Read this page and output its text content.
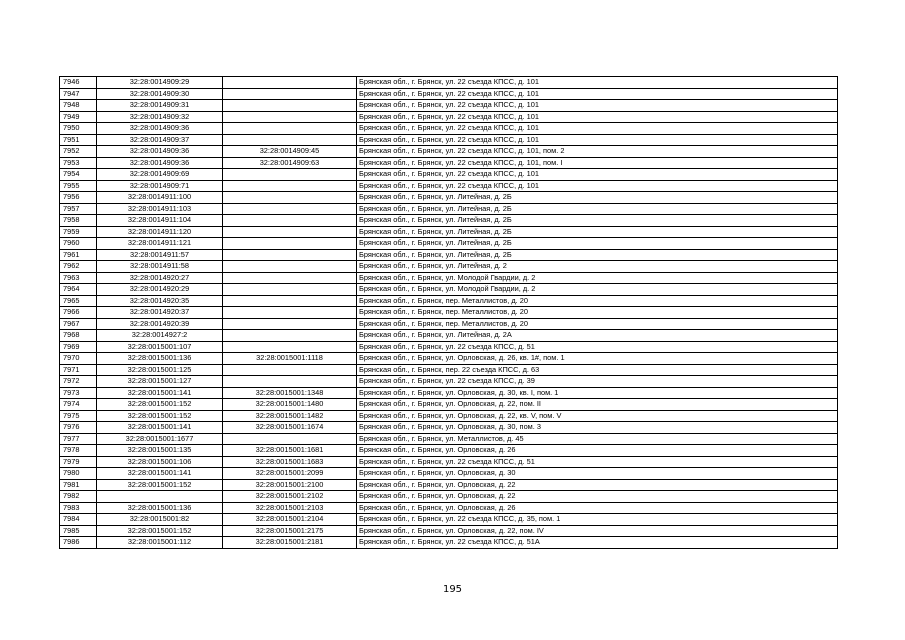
7946	32:28:0014909:29		Брянская обл., г. Брянск, ул. 22 съезда КПСС, д. 101
7947	32:28:0014909:30		Брянская обл., г. Брянск, ул. 22 съезда КПСС, д. 101
7948	32:28:0014909:31		Брянская обл., г. Брянск, ул. 22 съезда КПСС, д. 101
7949	32:28:0014909:32		Брянская обл., г. Брянск, ул. 22 съезда КПСС, д. 101
7950	32:28:0014909:36		Брянская обл., г. Брянск, ул. 22 съезда КПСС, д. 101
7951	32:28:0014909:37		Брянская обл., г. Брянск, ул. 22 съезда КПСС, д. 101
7952	32:28:0014909:36	32:28:0014909:45	Брянская обл., г. Брянск, ул. 22 съезда КПСС, д. 101, пом. 2
7953	32:28:0014909:36	32:28:0014909:63	Брянская обл., г. Брянск, ул. 22 съезда КПСС, д. 101, пом. I
7954	32:28:0014909:69		Брянская обл., г. Брянск, ул. 22 съезда КПСС, д. 101
7955	32:28:0014909:71		Брянская обл., г. Брянск, ул. 22 съезда КПСС, д. 101
7956	32:28:0014911:100		Брянская обл., г. Брянск, ул. Литейная, д. 2Б
7957	32:28:0014911:103		Брянская обл., г. Брянск, ул. Литейная, д. 2Б
7958	32:28:0014911:104		Брянская обл., г. Брянск, ул. Литейная, д. 2Б
7959	32:28:0014911:120		Брянская обл., г. Брянск, ул. Литейная, д. 2Б
7960	32:28:0014911:121		Брянская обл., г. Брянск, ул. Литейная, д. 2Б
7961	32:28:0014911:57		Брянская обл., г. Брянск, ул. Литейная, д. 2Б
7962	32:28:0014911:58		Брянская обл., г. Брянск, ул. Литейная, д. 2
7963	32:28:0014920:27		Брянская обл., г. Брянск, ул. Молодой Гвардии, д. 2
7964	32:28:0014920:29		Брянская обл., г. Брянск, ул. Молодой Гвардии, д. 2
7965	32:28:0014920:35		Брянская обл., г. Брянск, пер. Металлистов, д. 20
7966	32:28:0014920:37		Брянская обл., г. Брянск, пер. Металлистов, д. 20
7967	32:28:0014920:39		Брянская обл., г. Брянск, пер. Металлистов, д. 20
7968	32:28:0014927:2		Брянская обл., г. Брянск, ул. Литейная, д. 2А
7969	32:28:0015001:107		Брянская обл., г. Брянск, ул. 22 съезда КПСС, д. 51
7970	32:28:0015001:136	32:28:0015001:1118	Брянская обл., г. Брянск, ул. Орловская, д. 26, кв. 1#, пом. 1
7971	32:28:0015001:125		Брянская обл., г. Брянск, пер. 22 съезда КПСС, д. 63
7972	32:28:0015001:127		Брянская обл., г. Брянск, ул. 22 съезда КПСС, д. 39
7973	32:28:0015001:141	32:28:0015001:1348	Брянская обл., г. Брянск, ул. Орловская, д. 30, кв. I, пом. 1
7974	32:28:0015001:152	32:28:0015001:1480	Брянская обл., г. Брянск, ул. Орловская, д. 22, пом. II
7975	32:28:0015001:152	32:28:0015001:1482	Брянская обл., г. Брянск, ул. Орловская, д. 22, кв. V, пом. V
7976	32:28:0015001:141	32:28:0015001:1674	Брянская обл., г. Брянск, ул. Орловская, д. 30, пом. 3
7977	32:28:0015001:1677		Брянская обл., г. Брянск, ул. Металлистов, д. 45
7978	32:28:0015001:135	32:28:0015001:1681	Брянская обл., г. Брянск, ул. Орловская, д. 26
7979	32:28:0015001:106	32:28:0015001:1683	Брянская обл., г. Брянск, ул. 22 съезда КПСС, д. 51
7980	32:28:0015001:141	32:28:0015001:2099	Брянская обл., г. Брянск, ул. Орловская, д. 30
7981	32:28:0015001:152	32:28:0015001:2100	Брянская обл., г. Брянск, ул. Орловская, д. 22
7982		32:28:0015001:2102	Брянская обл., г. Брянск, ул. Орловская, д. 22
7983	32:28:0015001:136	32:28:0015001:2103	Брянская обл., г. Брянск, ул. Орловская, д. 26
7984	32:28:0015001:82	32:28:0015001:2104	Брянская обл., г. Брянск, ул. 22 съезда КПСС, д. 35, пом. 1
7985	32:28:0015001:152	32:28:0015001:2175	Брянская обл., г. Брянск, ул. Орловская, д. 22, пом. IV
7986	32:28:0015001:112	32:28:0015001:2181	Брянская обл., г. Брянск, ул. 22 съезда КПСС, д. 51А
195
